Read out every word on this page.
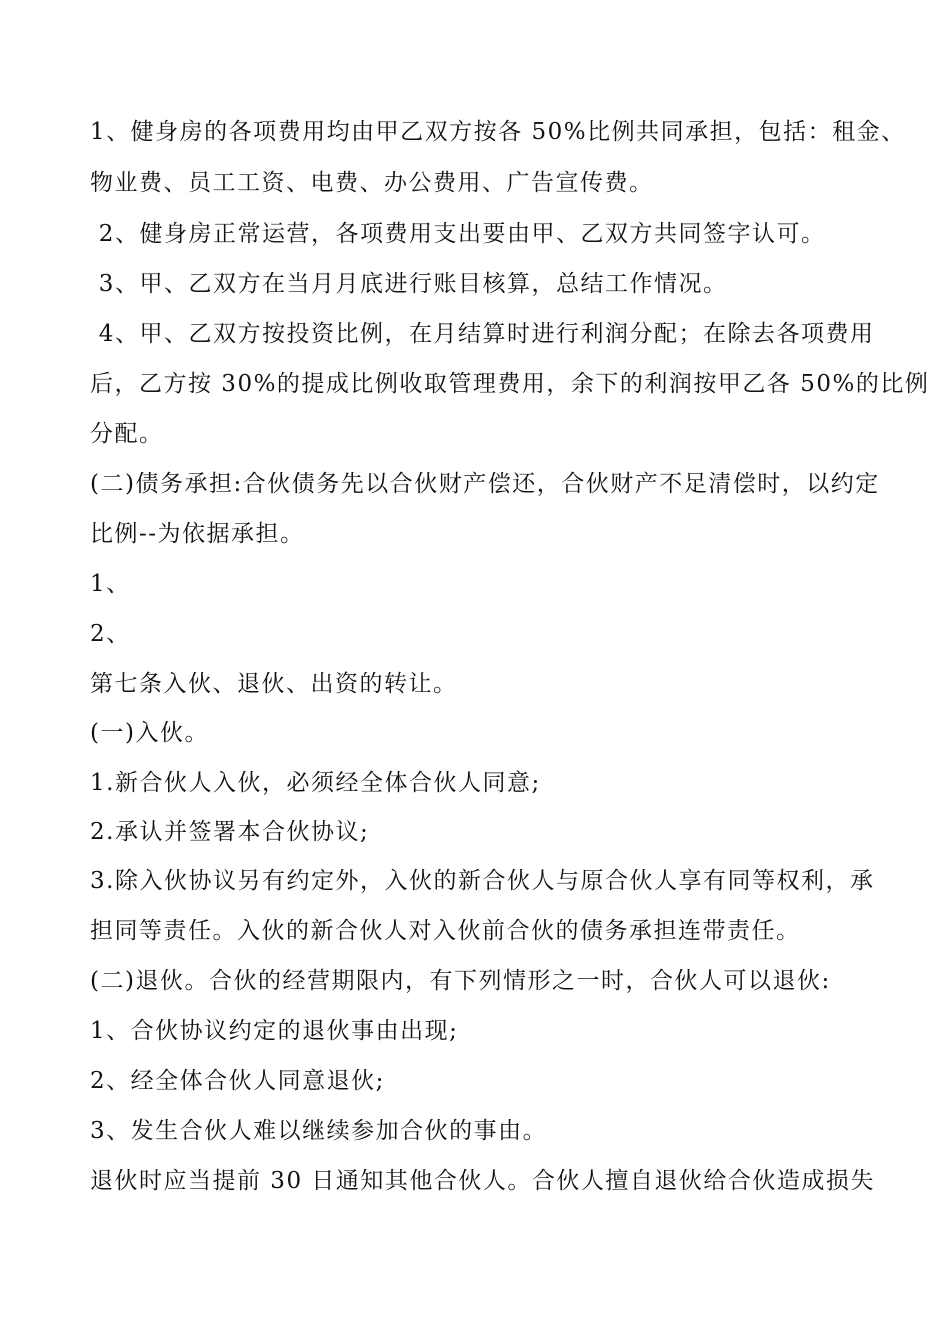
1、健身房的各项费用均由甲乙双方按各 50%比例共同承担，包括：租金、
物业费、员工工资、电费、办公费用、广告宣传费。
2、健身房正常运营，各项费用支出要由甲、乙双方共同签字认可。
3、甲、乙双方在当月月底进行账目核算，总结工作情况。
4、甲、乙双方按投资比例，在月结算时进行利润分配；在除去各项费用
后，乙方按 30%的提成比例收取管理费用，余下的利润按甲乙各 50%的比例
分配。
(二)债务承担:合伙债务先以合伙财产偿还，合伙财产不足清偿时，以约定
比例--为依据承担。
1、
2、
第七条入伙、退伙、出资的转让。
(一)入伙。
1.新合伙人入伙，必须经全体合伙人同意;
2.承认并签署本合伙协议;
3.除入伙协议另有约定外，入伙的新合伙人与原合伙人享有同等权利，承
担同等责任。入伙的新合伙人对入伙前合伙的债务承担连带责任。
(二)退伙。合伙的经营期限内，有下列情形之一时，合伙人可以退伙:
1、合伙协议约定的退伙事由出现;
2、经全体合伙人同意退伙;
3、发生合伙人难以继续参加合伙的事由。
退伙时应当提前 30 日通知其他合伙人。合伙人擅自退伙给合伙造成损失
